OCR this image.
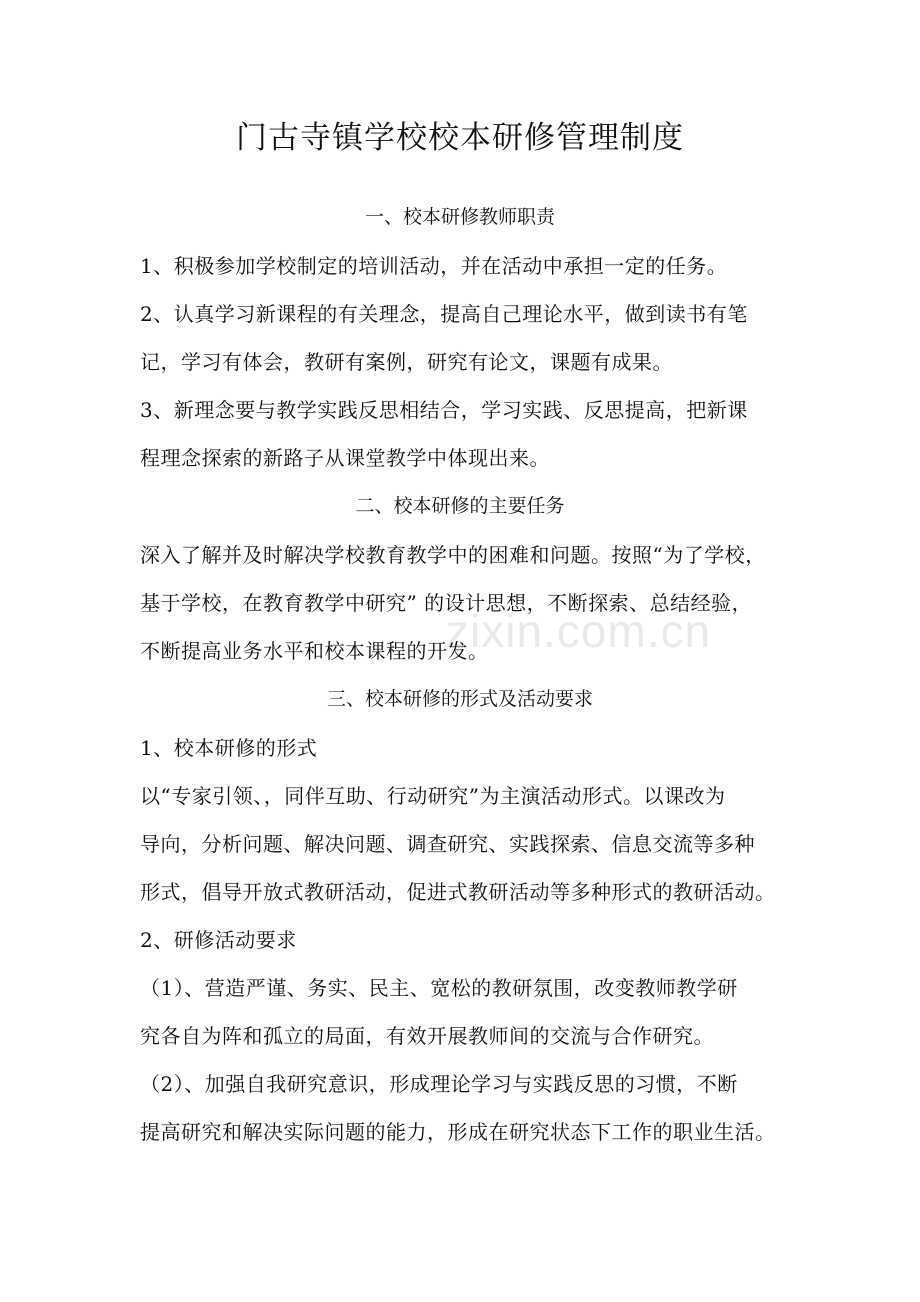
zixin.com.cn
门古寺镇学校校本研修管理制度
一、校本研修教师职责
1、积极参加学校制定的培训活动，并在活动中承担一定的任务。
2、认真学习新课程的有关理念，提高自己理论水平，做到读书有笔
记，学习有体会，教研有案例，研究有论文，课题有成果。
3、新理念要与教学实践反思相结合，学习实践、反思提高，把新课
程理念探索的新路子从课堂教学中体现出来。
二、校本研修的主要任务
深入了解并及时解决学校教育教学中的困难和问题。按照“为了学校，
基于学校，在教育教学中研究” 的设计思想，不断探索、总结经验，
不断提高业务水平和校本课程的开发。
三、校本研修的形式及活动要求
1、校本研修的形式
以“专家引领、，同伴互助、行动研究”为主演活动形式。以课改为
导向，分析问题、解决问题、调查研究、实践探索、信息交流等多种
形式，倡导开放式教研活动，促进式教研活动等多种形式的教研活动。
2、研修活动要求
（1）、营造严谨、务实、民主、宽松的教研氛围，改变教师教学研
究各自为阵和孤立的局面，有效开展教师间的交流与合作研究。
（2）、加强自我研究意识，形成理论学习与实践反思的习惯，不断
提高研究和解决实际问题的能力，形成在研究状态下工作的职业生活。
